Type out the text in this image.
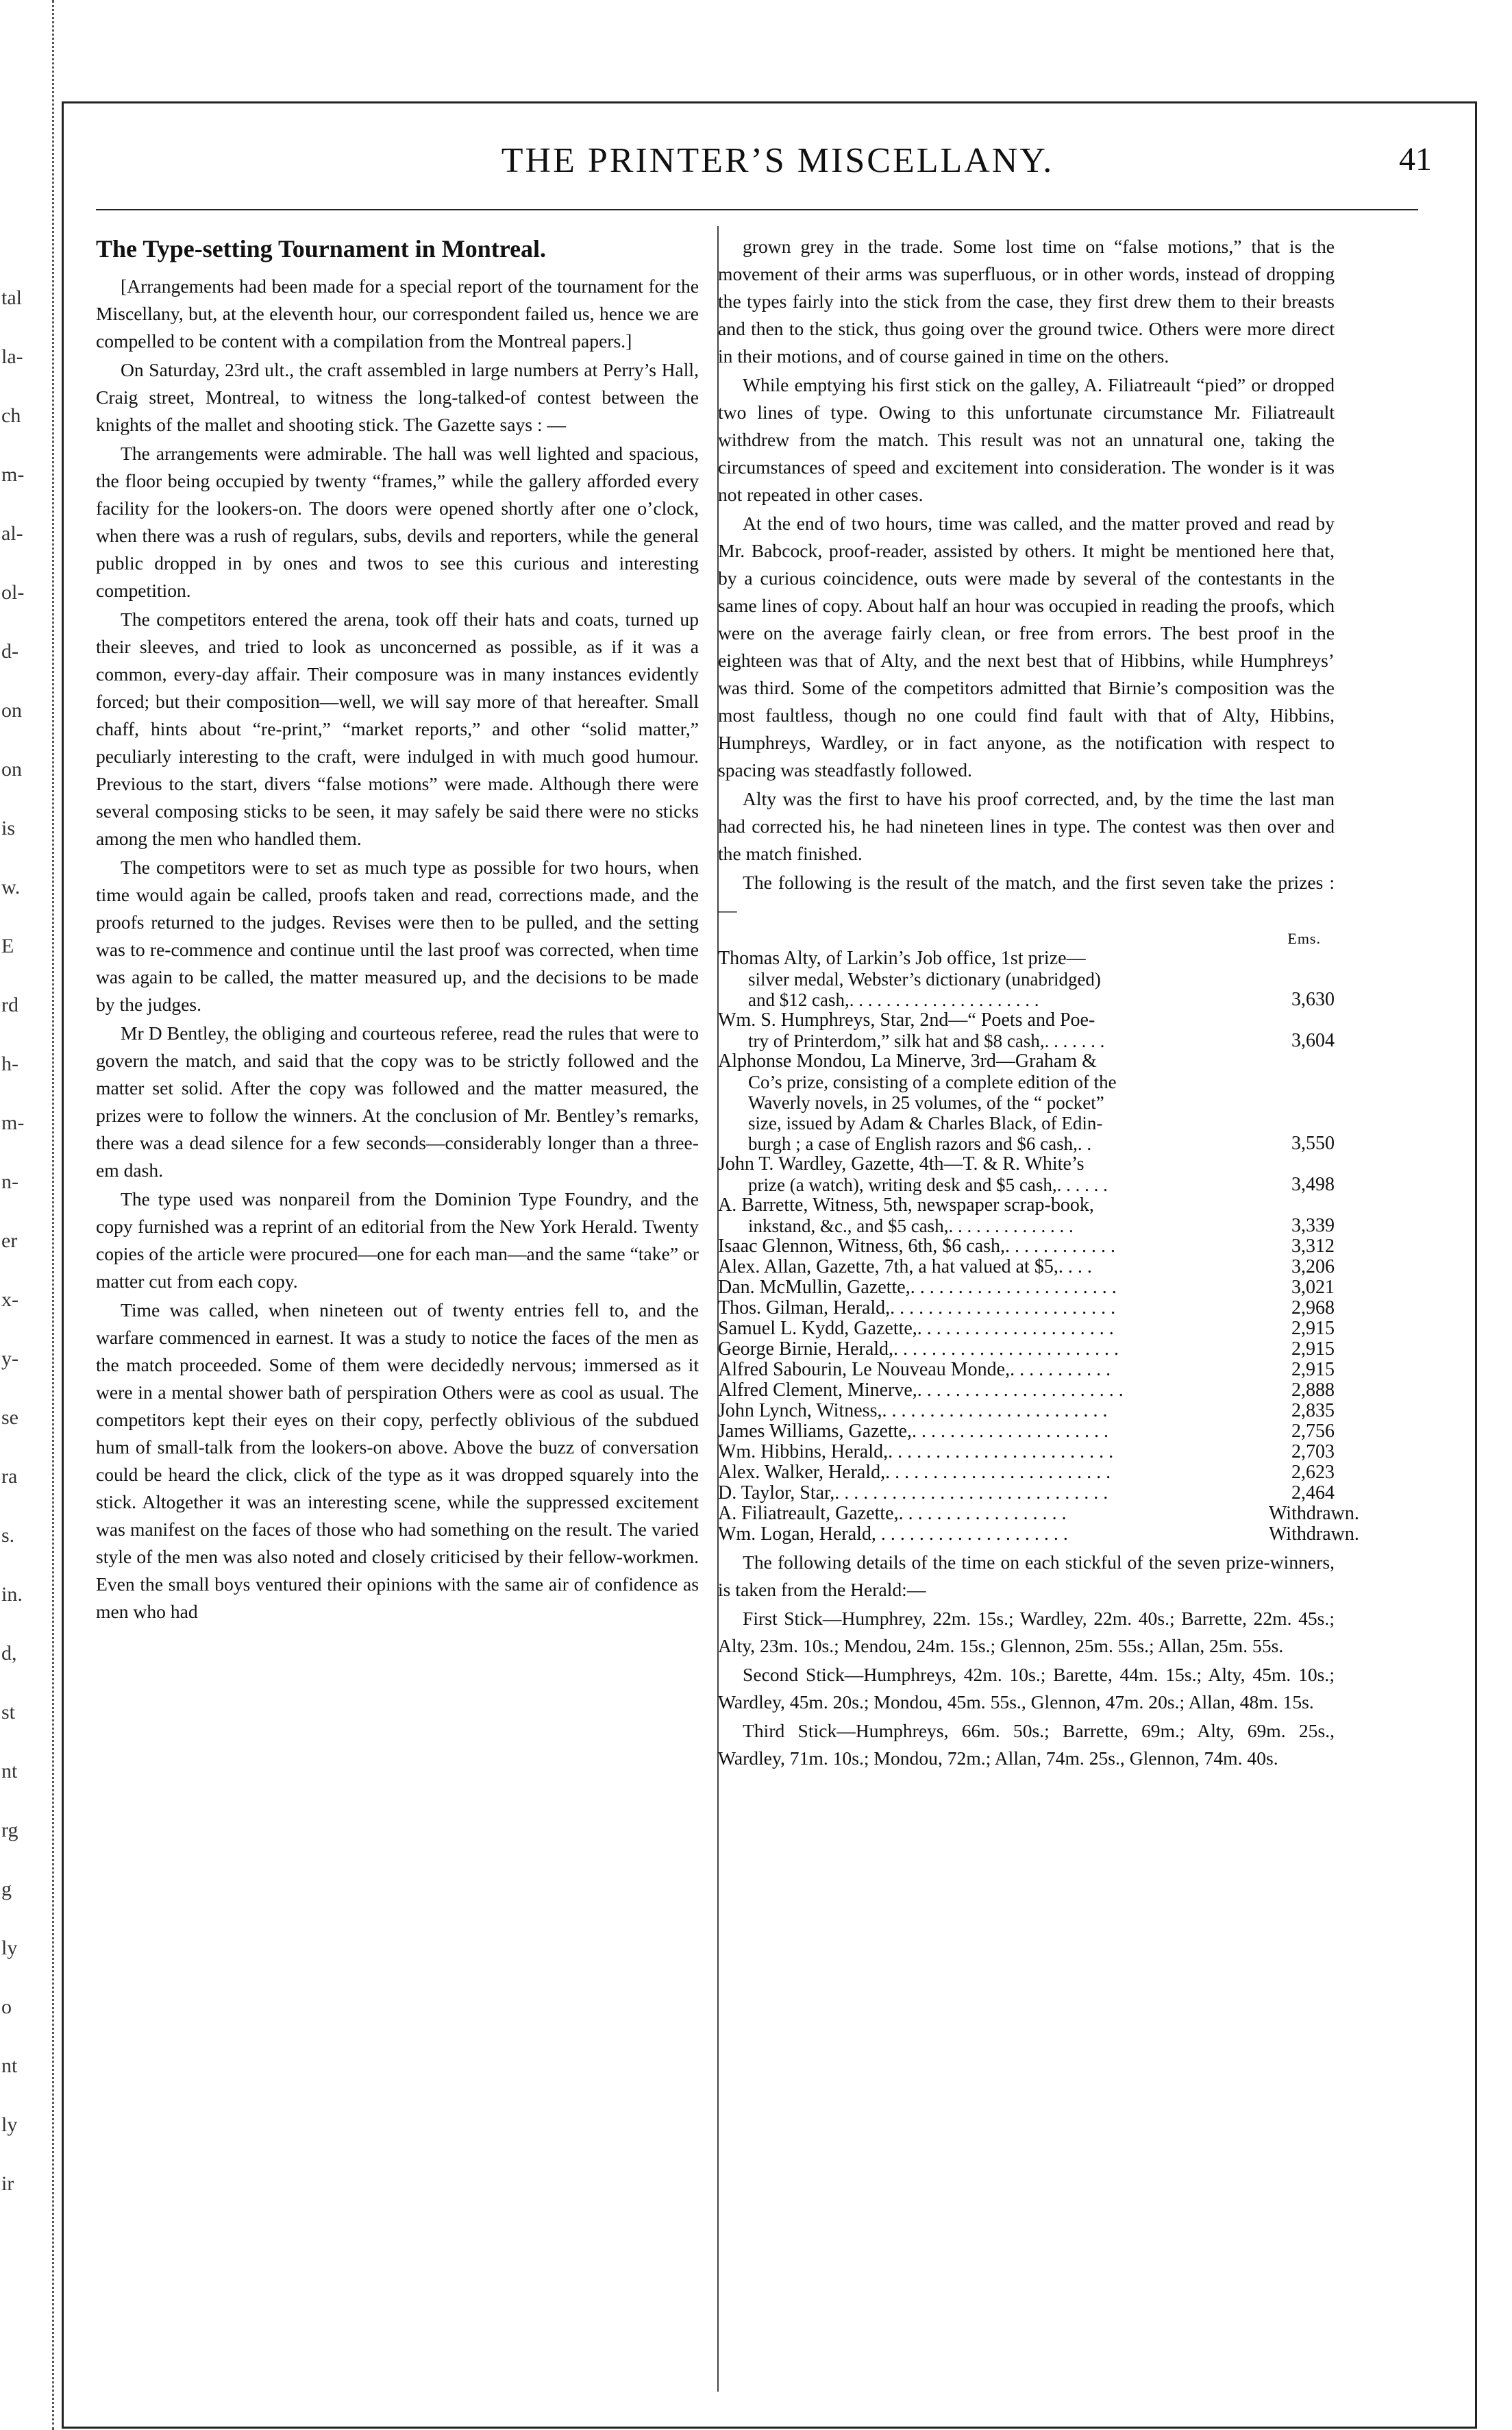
tal
la-
ch
m-
al-
ol-
d-
on
on
is
w.
E
rd
h-
m-
n-
er
x-
y-
se
ra
s.
in.
d,
st
nt
rg
g
ly
o
nt
ly
ir
THE PRINTER’S MISCELLANY.	41
The Type-setting Tournament in Montreal.

[Arrangements had been made for a special report of the tournament for the Miscellany, but, at the eleventh hour, our correspondent failed us, hence we are compelled to be content with a compilation from the Montreal papers.]

On Saturday, 23rd ult., the craft assembled in large numbers at Perry’s Hall, Craig street, Montreal, to witness the long-talked-of contest between the knights of the mallet and shooting stick. The Gazette says : —

The arrangements were admirable. The hall was well lighted and spacious, the floor being occupied by twenty “frames,” while the gallery afforded every facility for the lookers-on. The doors were opened shortly after one o’clock, when there was a rush of regulars, subs, devils and reporters, while the general public dropped in by ones and twos to see this curious and interesting competition.

The competitors entered the arena, took off their hats and coats, turned up their sleeves, and tried to look as unconcerned as possible, as if it was a common, every-day affair. Their composure was in many instances evidently forced; but their composition—well, we will say more of that hereafter. Small chaff, hints about “re-print,” “market reports,” and other “solid matter,” peculiarly interesting to the craft, were indulged in with much good humour. Previous to the start, divers “false motions” were made. Although there were several composing sticks to be seen, it may safely be said there were no sticks among the men who handled them.

The competitors were to set as much type as possible for two hours, when time would again be called, proofs taken and read, corrections made, and the proofs returned to the judges. Revises were then to be pulled, and the setting was to re-commence and continue until the last proof was corrected, when time was again to be called, the matter measured up, and the decisions to be made by the judges.

Mr D Bentley, the obliging and courteous referee, read the rules that were to govern the match, and said that the copy was to be strictly followed and the matter set solid. After the copy was followed and the matter measured, the prizes were to follow the winners. At the conclusion of Mr. Bentley’s remarks, there was a dead silence for a few seconds—considerably longer than a three-em dash.

The type used was nonpareil from the Dominion Type Foundry, and the copy furnished was a reprint of an editorial from the New York Herald. Twenty copies of the article were procured—one for each man—and the same “take” or matter cut from each copy.

Time was called, when nineteen out of twenty entries fell to, and the warfare commenced in earnest. It was a study to notice the faces of the men as the match proceeded. Some of them were decidedly nervous; immersed as it were in a mental shower bath of perspiration Others were as cool as usual. The competitors kept their eyes on their copy, perfectly oblivious of the subdued hum of small-talk from the lookers-on above. Above the buzz of conversation could be heard the click, click of the type as it was dropped squarely into the stick. Altogether it was an interesting scene, while the suppressed excitement was manifest on the faces of those who had something on the result. The varied style of the men was also noted and closely criticised by their fellow-workmen. Even the small boys ventured their opinions with the same air of confidence as men who had

grown grey in the trade. Some lost time on “false motions,” that is the movement of their arms was superfluous, or in other words, instead of dropping the types fairly into the stick from the case, they first drew them to their breasts and then to the stick, thus going over the ground twice. Others were more direct in their motions, and of course gained in time on the others.

While emptying his first stick on the galley, A. Filiatreault “pied” or dropped two lines of type. Owing to this unfortunate circumstance Mr. Filiatreault withdrew from the match. This result was not an unnatural one, taking the circumstances of speed and excitement into consideration. The wonder is it was not repeated in other cases.

At the end of two hours, time was called, and the matter proved and read by Mr. Babcock, proof-reader, assisted by others. It might be mentioned here that, by a curious coincidence, outs were made by several of the contestants in the same lines of copy. About half an hour was occupied in reading the proofs, which were on the average fairly clean, or free from errors. The best proof in the eighteen was that of Alty, and the next best that of Hibbins, while Humphreys’ was third. Some of the competitors admitted that Birnie’s composition was the most faultless, though no one could find fault with that of Alty, Hibbins, Humphreys, Wardley, or in fact anyone, as the notification with respect to spacing was steadfastly followed.

Alty was the first to have his proof corrected, and, by the time the last man had corrected his, he had nineteen lines in type. The contest was then over and the match finished.

The following is the result of the match, and the first seven take the prizes : —

Ems.
Thomas Alty, of Larkin’s Job office, 1st prize—
silver medal, Webster’s dictionary (unabridged)
and $12 cash,. . . . . . . . . . . . . . . . . . . . .	3,630
Wm. S. Humphreys, Star, 2nd—“ Poets and Poe-
try of Printerdom,” silk hat and $8 cash,. . . . . . .	3,604
Alphonse Mondou, La Minerve, 3rd—Graham &
Co’s prize, consisting of a complete edition of the
Waverly novels, in 25 volumes, of the “ pocket”
size, issued by Adam & Charles Black, of Edin-
burgh ; a case of English razors and $6 cash,. .	3,550
John T. Wardley, Gazette, 4th—T. & R. White’s
prize (a watch), writing desk and $5 cash,. . . . . .	3,498
A. Barrette, Witness, 5th, newspaper scrap-book,
inkstand, &c., and $5 cash,. . . . . . . . . . . . . .	3,339
Isaac Glennon, Witness, 6th, $6 cash,. . . . . . . . . . . .	3,312
Alex. Allan, Gazette, 7th, a hat valued at $5,. . . .	3,206
Dan. McMullin, Gazette,. . . . . . . . . . . . . . . . . . . . . .	3,021
Thos. Gilman, Herald,. . . . . . . . . . . . . . . . . . . . . . . .	2,968
Samuel L. Kydd, Gazette,. . . . . . . . . . . . . . . . . . . . .	2,915
George Birnie, Herald,. . . . . . . . . . . . . . . . . . . . . . . .	2,915
Alfred Sabourin, Le Nouveau Monde,. . . . . . . . . . .	2,915
Alfred Clement, Minerve,. . . . . . . . . . . . . . . . . . . . . .	2,888
John Lynch, Witness,. . . . . . . . . . . . . . . . . . . . . . . .	2,835
James Williams, Gazette,. . . . . . . . . . . . . . . . . . . . .	2,756
Wm. Hibbins, Herald,. . . . . . . . . . . . . . . . . . . . . . . .	2,703
Alex. Walker, Herald,. . . . . . . . . . . . . . . . . . . . . . . .	2,623
D. Taylor, Star,. . . . . . . . . . . . . . . . . . . . . . . . . . . . .	2,464
A. Filiatreault, Gazette,. . . . . . . . . . . . . . . . . .	Withdrawn.
Wm. Logan, Herald, . . . . . . . . . . . . . . . . . . . .	Withdrawn.

The following details of the time on each stickful of the seven prize-winners, is taken from the Herald:—

First Stick—Humphrey, 22m. 15s.; Wardley, 22m. 40s.; Barrette, 22m. 45s.; Alty, 23m. 10s.; Mendou, 24m. 15s.; Glennon, 25m. 55s.; Allan, 25m. 55s.

Second Stick—Humphreys, 42m. 10s.; Barette, 44m. 15s.; Alty, 45m. 10s.; Wardley, 45m. 20s.; Mondou, 45m. 55s., Glennon, 47m. 20s.; Allan, 48m. 15s.

Third Stick—Humphreys, 66m. 50s.; Barrette, 69m.; Alty, 69m. 25s., Wardley, 71m. 10s.; Mondou, 72m.; Allan, 74m. 25s., Glennon, 74m. 40s.
